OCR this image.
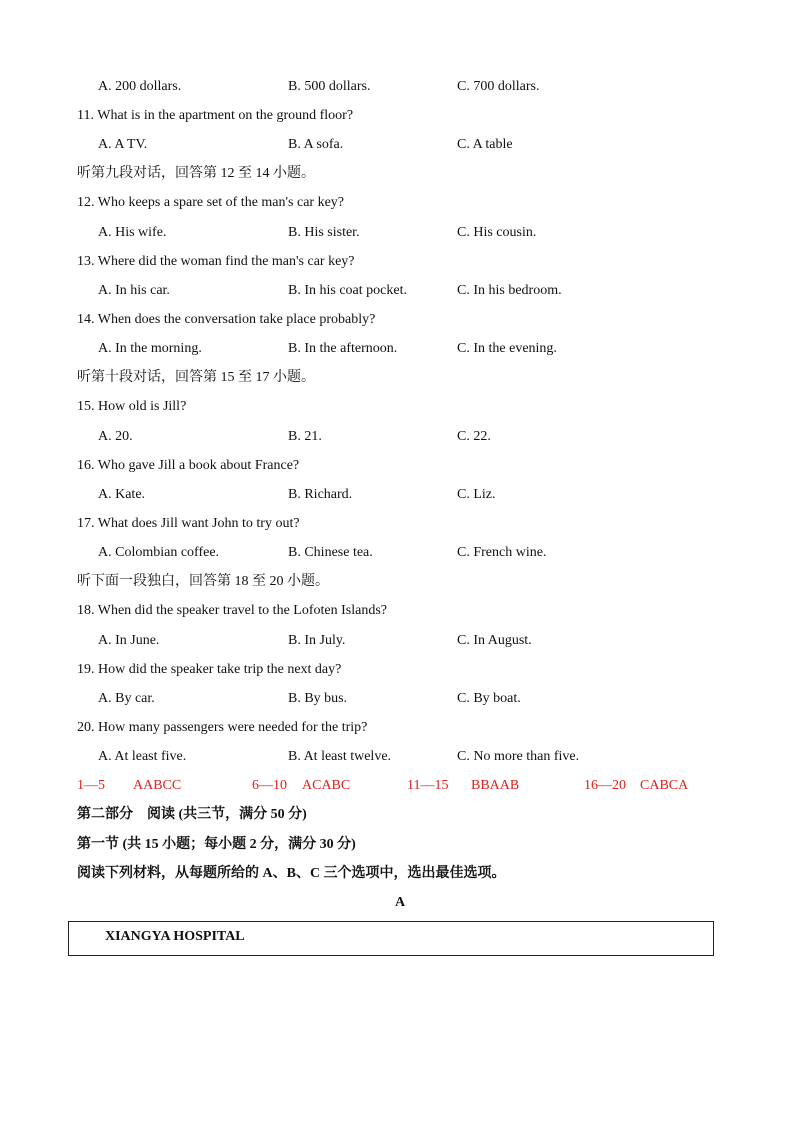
A. 200 dollars.	B. 500 dollars.	C. 700 dollars.
11. What is in the apartment on the ground floor?
A. A TV.	B. A sofa.	C. A table
听第九段对话，回答第 12 至 14 小题。
12. Who keeps a spare set of the man's car key?
A. His wife.	B. His sister.	C. His cousin.
13. Where did the woman find the man's car key?
A. In his car.	B. In his coat pocket.	C. In his bedroom.
14. When does the conversation take place probably?
A. In the morning.	B. In the afternoon.	C. In the evening.
听第十段对话，回答第 15 至 17 小题。
15. How old is Jill?
A. 20.	B. 21.	C. 22.
16. Who gave Jill a book about France?
A. Kate.	B. Richard.	C. Liz.
17. What does Jill want John to try out?
A. Colombian coffee.	B. Chinese tea.	C. French wine.
听下面一段独白，回答第 18 至 20 小题。
18. When did the speaker travel to the Lofoten Islands?
A. In June.	B. In July.	C. In August.
19. How did the speaker take trip the next day?
A. By car.	B. By bus.	C. By boat.
20. How many passengers were needed for the trip?
A. At least five.	B. At least twelve.	C. No more than five.
1—5 AABCC	6—10 ACABC	11—15 BBAAB	16—20 CABCA
第二部分　阅读 (共三节，满分 50 分)
第一节 (共 15 小题；每小题 2 分，满分 30 分)
阅读下列材料，从每题所给的 A、B、C 三个选项中，选出最佳选项。
A
XIANGYA HOSPITAL
